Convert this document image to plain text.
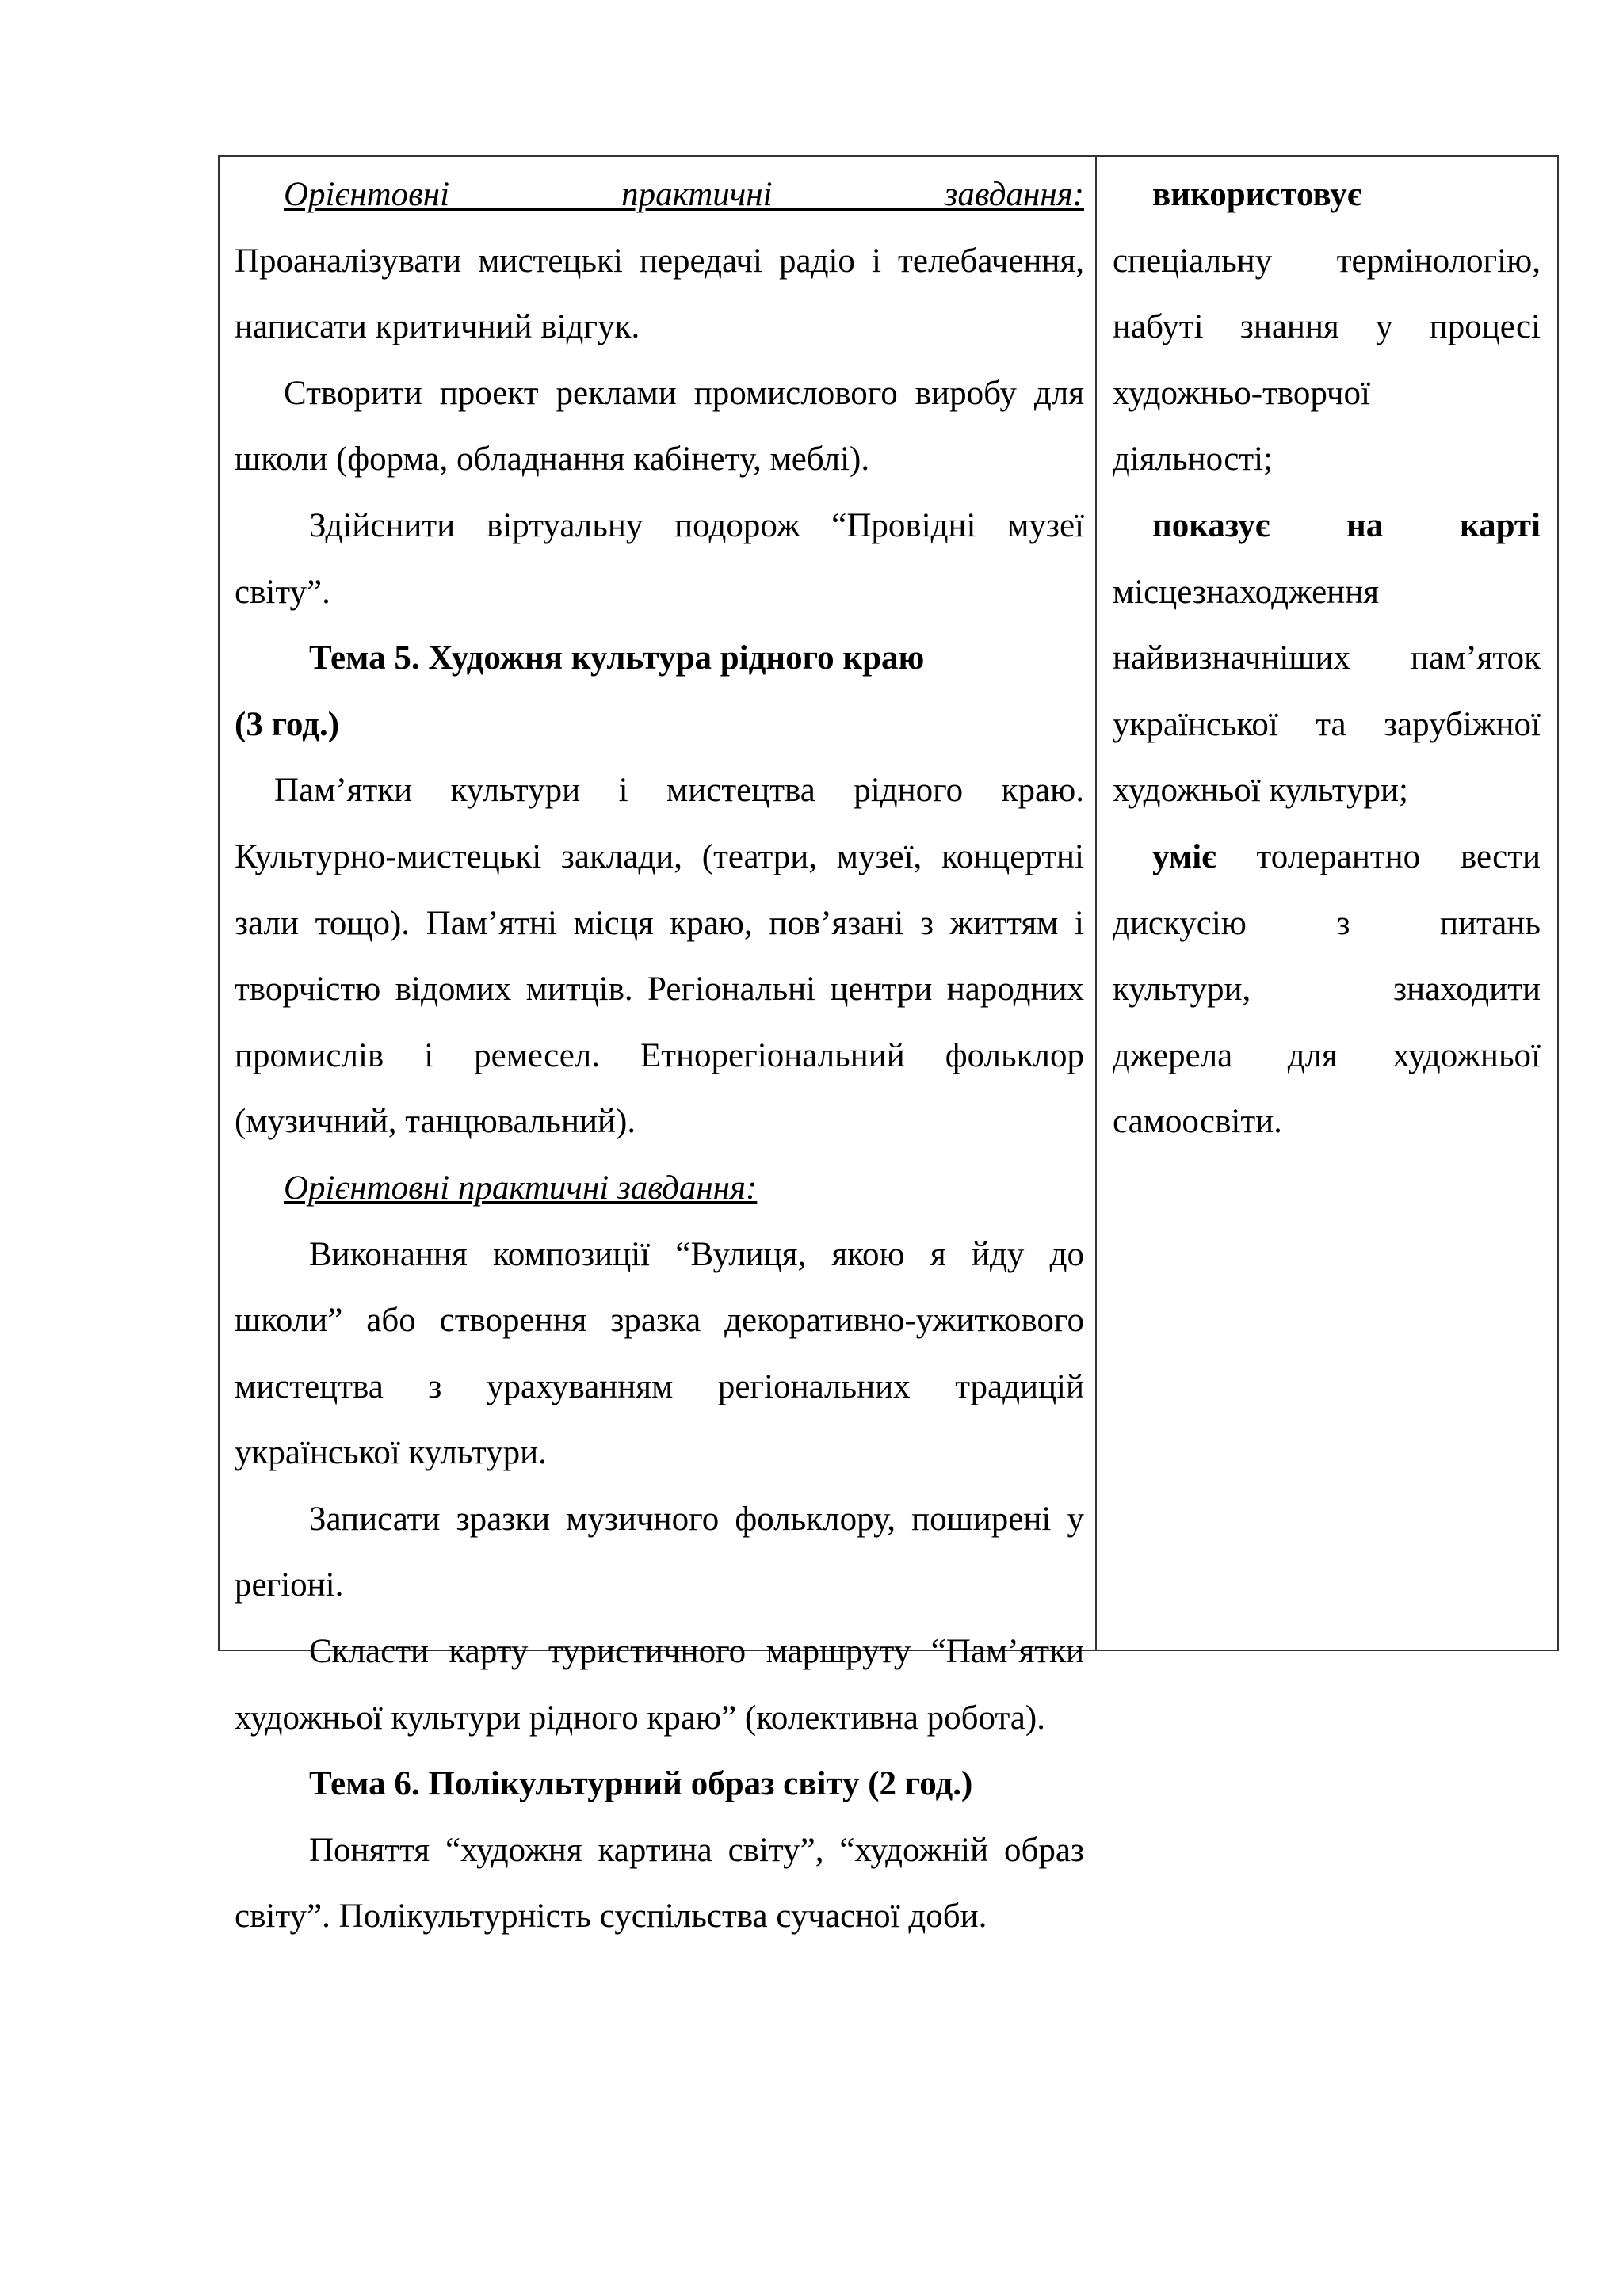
Орієнтовні практичні завдання:

Проаналізувати мистецькі передачі радіо і телебачення, написати критичний відгук.

Створити проект реклами промислового виробу для школи (форма, обладнання кабінету, меблі).

Здійснити віртуальну подорож “Провідні музеї світу”.

Тема 5. Художня культура рідного краю

(3 год.)

Пам’ятки культури і мистецтва рідного краю. Культурно-мистецькі заклади, (театри, музеї, концертні зали тощо). Пам’ятні місця краю, пов’язані з життям і творчістю відомих митців. Регіональні центри народних промислів і ремесел. Етнорегіональний фольклор (музичний, танцювальний).

Орієнтовні практичні завдання:

Виконання композиції “Вулиця, якою я йду до школи” або створення зразка декоративно-ужиткового мистецтва з урахуванням регіональних традицій української культури.

Записати зразки музичного фольклору, поширені у регіоні.

Скласти карту туристичного маршруту “Пам’ятки художньої культури рідного краю” (колективна робота).

Тема 6. Полікультурний образ світу (2 год.)

Поняття “художня картина світу”, “художній образ світу”. Полікультурність суспільства сучасної доби.

використовує

спеціальну термінологію,

набуті знання у процесі

художньо-творчої

діяльності;

показує на карті

місцезнаходження

найвизначніших пам’яток

української та зарубіжної

художньої культури;

уміє толерантно вести

дискусію	з	питань

культури,	знаходити

джерела для художньої

самоосвіти.
